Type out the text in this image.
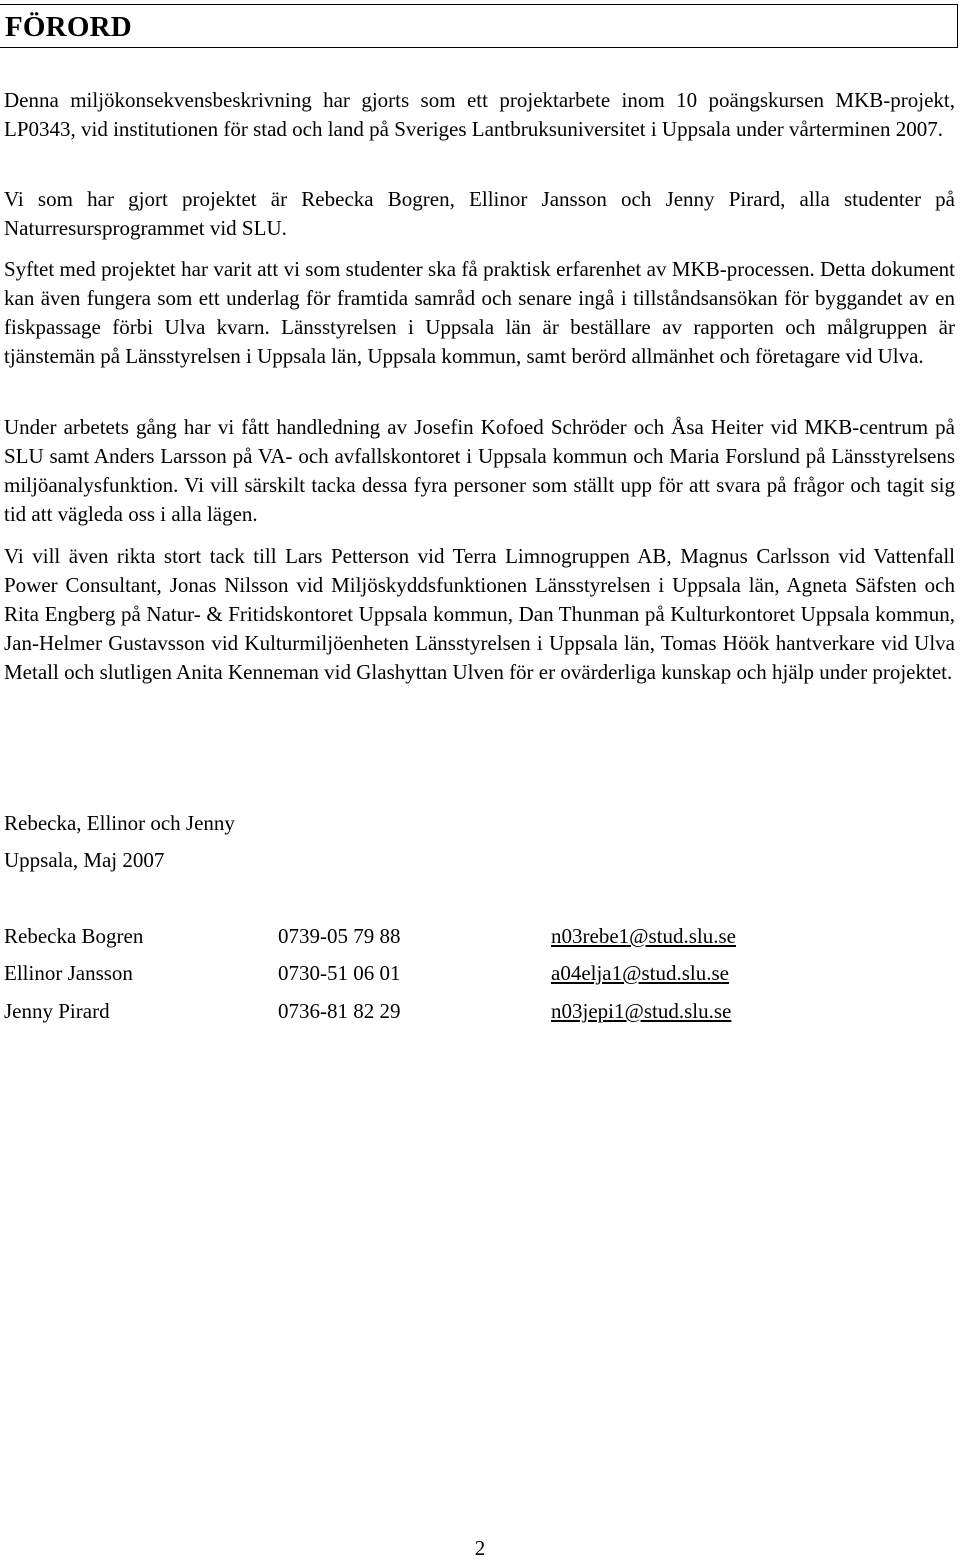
FÖRORD

Denna miljökonsekvensbeskrivning har gjorts som ett projektarbete inom 10 poängskursen MKB-projekt, LP0343, vid institutionen för stad och land på Sveriges Lantbruksuniversitet i Uppsala under vårterminen 2007.

Vi som har gjort projektet är Rebecka Bogren, Ellinor Jansson och Jenny Pirard, alla studenter på Naturresursprogrammet vid SLU.

Syftet med projektet har varit att vi som studenter ska få praktisk erfarenhet av MKB-processen. Detta dokument kan även fungera som ett underlag för framtida samråd och senare ingå i tillståndsansökan för byggandet av en fiskpassage förbi Ulva kvarn. Länsstyrelsen i Uppsala län är beställare av rapporten och målgruppen är tjänstemän på Länsstyrelsen i Uppsala län, Uppsala kommun, samt berörd allmänhet och företagare vid Ulva.

Under arbetets gång har vi fått handledning av Josefin Kofoed Schröder och Åsa Heiter vid MKB-centrum på SLU samt Anders Larsson på VA- och avfallskontoret i Uppsala kommun och Maria Forslund på Länsstyrelsens miljöanalysfunktion. Vi vill särskilt tacka dessa fyra personer som ställt upp för att svara på frågor och tagit sig tid att vägleda oss i alla lägen.

Vi vill även rikta stort tack till Lars Petterson vid Terra Limnogruppen AB, Magnus Carlsson vid Vattenfall Power Consultant, Jonas Nilsson vid Miljöskyddsfunktionen Länsstyrelsen i Uppsala län, Agneta Säfsten och Rita Engberg på Natur- & Fritidskontoret Uppsala kommun, Dan Thunman på Kulturkontoret Uppsala kommun, Jan-Helmer Gustavsson vid Kulturmiljöenheten Länsstyrelsen i Uppsala län, Tomas Höök hantverkare vid Ulva Metall och slutligen Anita Kenneman vid Glashyttan Ulven för er ovärderliga kunskap och hjälp under projektet.

Rebecka, Ellinor och Jenny

Uppsala, Maj 2007

Rebecka Bogren	0739-05 79 88	n03rebe1@stud.slu.se
Ellinor Jansson	0730-51 06 01	a04elja1@stud.slu.se
Jenny Pirard	0736-81 82 29	n03jepi1@stud.slu.se
2
